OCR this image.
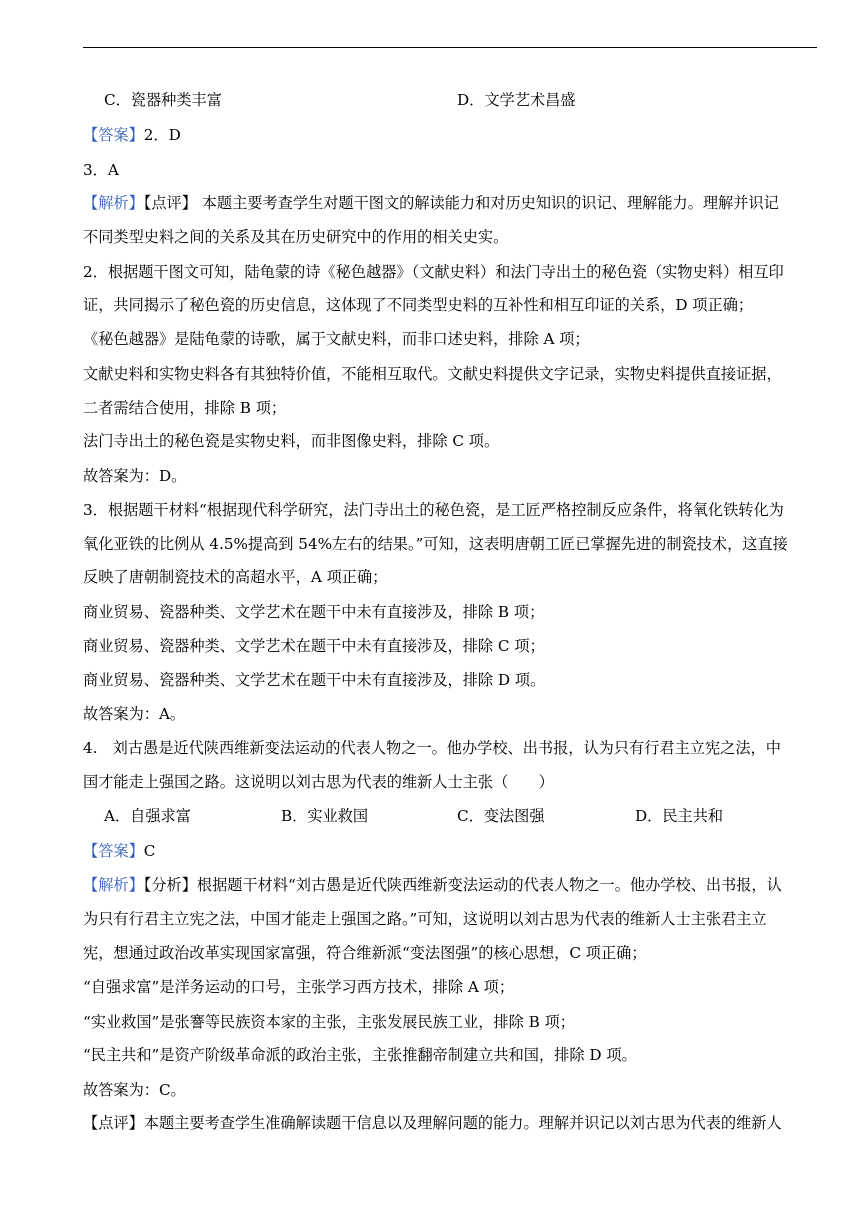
C．瓷器种类丰富	D．文学艺术昌盛
【答案】2．D
3．A
【解析】【点评】 本题主要考查学生对题干图文的解读能力和对历史知识的识记、理解能力。理解并识记
不同类型史料之间的关系及其在历史研究中的作用的相关史实。
2．根据题干图文可知，陆龟蒙的诗《秘色越器》（文献史料）和法门寺出土的秘色瓷（实物史料）相互印
证，共同揭示了秘色瓷的历史信息，这体现了不同类型史料的互补性和相互印证的关系，D 项正确；
《秘色越器》是陆龟蒙的诗歌，属于文献史料，而非口述史料，排除 A 项；
文献史料和实物史料各有其独特价值，不能相互取代。文献史料提供文字记录，实物史料提供直接证据，
二者需结合使用，排除 B 项；
法门寺出土的秘色瓷是实物史料，而非图像史料，排除 C 项。
故答案为：D。
3．根据题干材料“根据现代科学研究，法门寺出土的秘色瓷，是工匠严格控制反应条件，将氧化铁转化为
氧化亚铁的比例从 4.5%提高到 54%左右的结果。”可知，这表明唐朝工匠已掌握先进的制瓷技术，这直接
反映了唐朝制瓷技术的高超水平，A 项正确；
商业贸易、瓷器种类、文学艺术在题干中未有直接涉及，排除 B 项；
商业贸易、瓷器种类、文学艺术在题干中未有直接涉及，排除 C 项；
商业贸易、瓷器种类、文学艺术在题干中未有直接涉及，排除 D 项。
故答案为：A。
4.　刘古愚是近代陕西维新变法运动的代表人物之一。他办学校、出书报，认为只有行君主立宪之法，中
国才能走上强国之路。这说明以刘古思为代表的维新人士主张（　　）
A．自强求富	B．实业救国	C．变法图强	D．民主共和
【答案】C
【解析】【分析】根据题干材料“刘古愚是近代陕西维新变法运动的代表人物之一。他办学校、出书报，认
为只有行君主立宪之法，中国才能走上强国之路。”可知，这说明以刘古思为代表的维新人士主张君主立
宪，想通过政治改革实现国家富强，符合维新派“变法图强”的核心思想，C 项正确；
“自强求富”是洋务运动的口号，主张学习西方技术，排除 A 项；
“实业救国”是张謇等民族资本家的主张，主张发展民族工业，排除 B 项；
“民主共和”是资产阶级革命派的政治主张，主张推翻帝制建立共和国，排除 D 项。
故答案为：C。
【点评】本题主要考查学生准确解读题干信息以及理解问题的能力。理解并识记以刘古思为代表的维新人
